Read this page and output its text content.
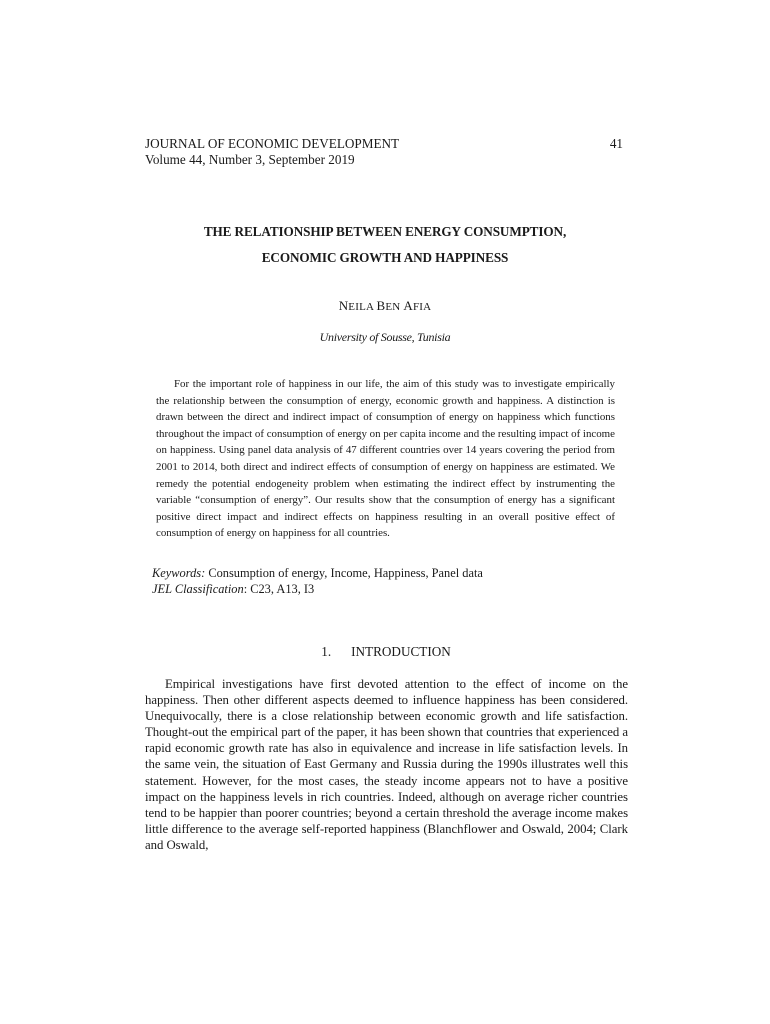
JOURNAL OF ECONOMIC DEVELOPMENT	41
Volume 44, Number 3, September 2019
THE RELATIONSHIP BETWEEN ENERGY CONSUMPTION,
ECONOMIC GROWTH AND HAPPINESS
NEILA BEN AFIA
University of Sousse, Tunisia

For the important role of happiness in our life, the aim of this study was to investigate empirically the relationship between the consumption of energy, economic growth and happiness. A distinction is drawn between the direct and indirect impact of consumption of energy on happiness which functions throughout the impact of consumption of energy on per capita income and the resulting impact of income on happiness. Using panel data analysis of 47 different countries over 14 years covering the period from 2001 to 2014, both direct and indirect effects of consumption of energy on happiness are estimated. We remedy the potential endogeneity problem when estimating the indirect effect by instrumenting the variable “consumption of energy”. Our results show that the consumption of energy has a significant positive direct impact and indirect effects on happiness resulting in an overall positive effect of consumption of energy on happiness for all countries.

Keywords: Consumption of energy, Income, Happiness, Panel data
JEL Classification: C23, A13, I3
1. INTRODUCTION

Empirical investigations have first devoted attention to the effect of income on the happiness. Then other different aspects deemed to influence happiness has been considered. Unequivocally, there is a close relationship between economic growth and life satisfaction. Thought-out the empirical part of the paper, it has been shown that countries that experienced a rapid economic growth rate has also in equivalence and increase in life satisfaction levels. In the same vein, the situation of East Germany and Russia during the 1990s illustrates well this statement. However, for the most cases, the steady income appears not to have a positive impact on the happiness levels in rich countries. Indeed, although on average richer countries tend to be happier than poorer countries; beyond a certain threshold the average income makes little difference to the average self-reported happiness (Blanchflower and Oswald, 2004; Clark and Oswald,
